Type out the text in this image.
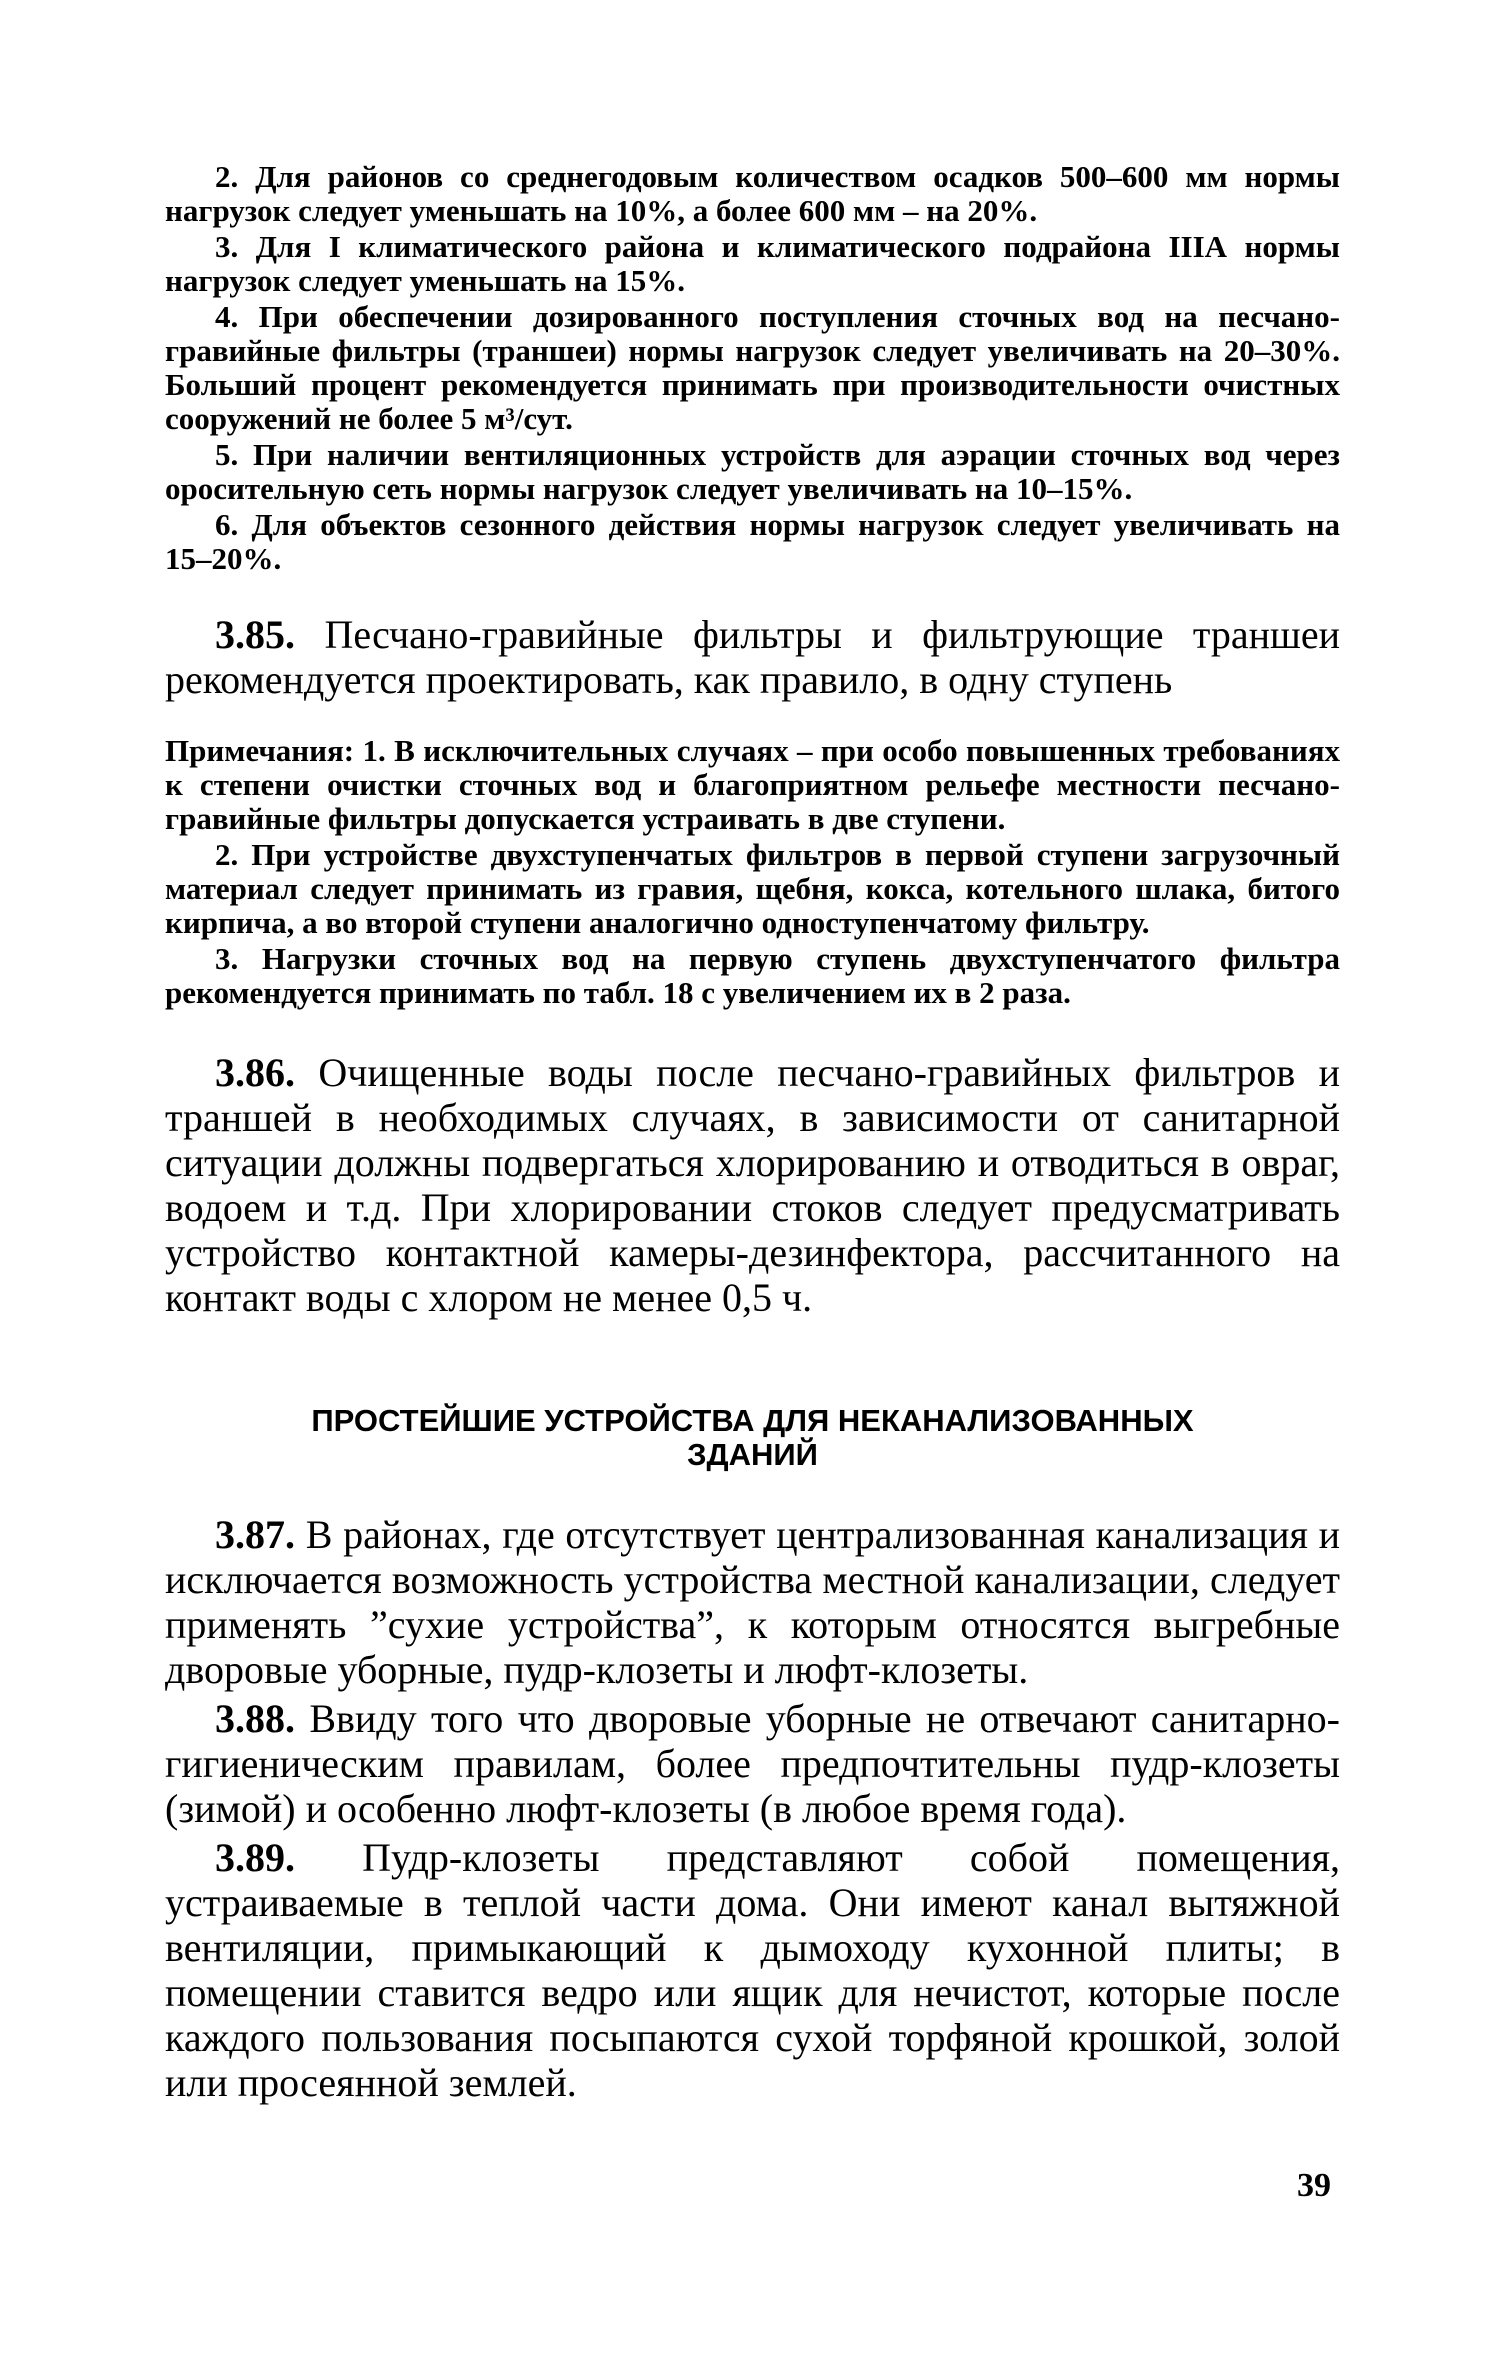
2. Для районов со среднегодовым количеством осадков 500–600 мм нормы нагрузок следует уменьшать на 10%, а более 600 мм – на 20%.

3. Для I климатического района и климатического подрайона IIIА нормы нагрузок следует уменьшать на 15%.

4. При обеспечении дозированного поступления сточных вод на песчано-гравийные фильтры (траншеи) нормы нагрузок следует увеличивать на 20–30%. Больший процент рекомендуется принимать при производительности очистных сооружений не более 5 м³/сут.

5. При наличии вентиляционных устройств для аэрации сточных вод через оросительную сеть нормы нагрузок следует увеличивать на 10–15%.

6. Для объектов сезонного действия нормы нагрузок следует увеличивать на 15–20%.

3.85. Песчано-гравийные фильтры и фильтрующие траншеи рекомендуется проектировать, как правило, в одну ступень

Примечания: 1. В исключительных случаях – при особо повышенных требованиях к степени очистки сточных вод и благоприятном рельефе местности песчано-гравийные фильтры допускается устраивать в две ступени.

2. При устройстве двухступенчатых фильтров в первой ступени загрузочный материал следует принимать из гравия, щебня, кокса, котельного шлака, битого кирпича, а во второй ступени аналогично одноступенчатому фильтру.

3. Нагрузки сточных вод на первую ступень двухступенчатого фильтра рекомендуется принимать по табл. 18 с увеличением их в 2 раза.

3.86. Очищенные воды после песчано-гравийных фильтров и траншей в необходимых случаях, в зависимости от санитарной ситуации должны подвергаться хлорированию и отводиться в овраг, водоем и т.д. При хлорировании стоков следует предусматривать устройство контактной камеры-дезинфектора, рассчитанного на контакт воды с хлором не менее 0,5 ч.

ПРОСТЕЙШИЕ УСТРОЙСТВА ДЛЯ НЕКАНАЛИЗОВАННЫХ

ЗДАНИЙ

3.87. В районах, где отсутствует централизованная канализация и исключается возможность устройства местной канализации, следует применять ”сухие устройства”, к которым относятся выгребные дворовые уборные, пудр-клозеты и люфт-клозеты.

3.88. Ввиду того что дворовые уборные не отвечают санитарно-гигиеническим правилам, более предпочтительны пудр-клозеты (зимой) и особенно люфт-клозеты (в любое время года).

3.89. Пудр-клозеты представляют собой помещения, устраиваемые в теплой части дома. Они имеют канал вытяжной вентиляции, примыкающий к дымоходу кухонной плиты; в помещении ставится ведро или ящик для нечистот, которые после каждого пользования посыпаются сухой торфяной крошкой, золой или просеянной землей.

39
